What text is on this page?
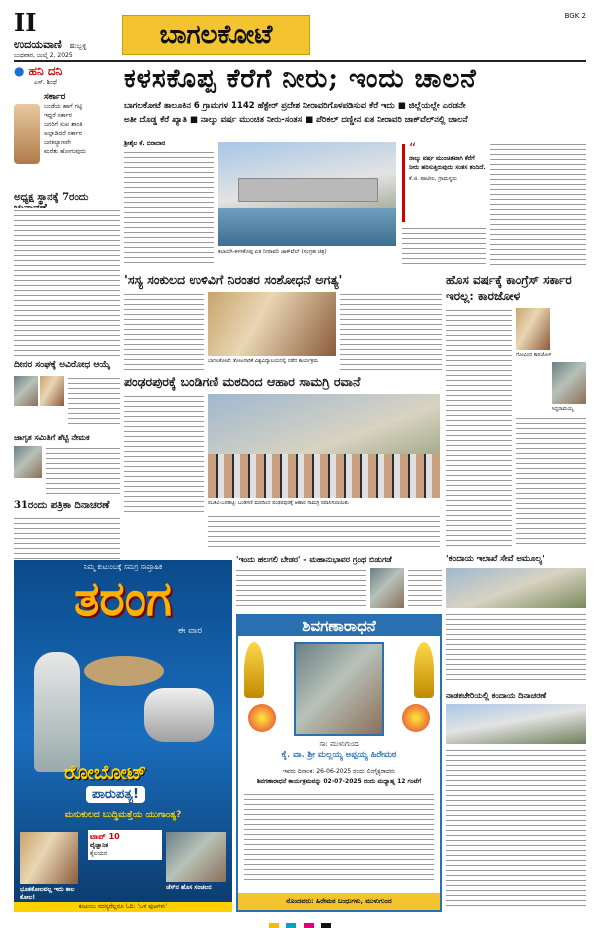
II
ಉದಯವಾಣಿ ಹುಬ್ಬಳ್ಳಿ
ಬುಧವಾರ, ಜುಲೈ 2, 2025
ಬಾಗಲಕೋಟೆ
BGK 2
● ಹನಿ ದನಿ
ಎಸ್. ಶಿಂಧೆ
ಸರ್ಕಾರ
ಬಂಡೆಯ ಹಾಗೆ ಗಟ್ಟಿ
ಇದ್ದರೆ ಸರ್ಕಾರ
ಜನರಿಗೆ ಸುಖ ಶಾಂತಿ
ಅಲ್ಲಾಡಿದರೆ ಸರ್ಕಾರ
ಜನಕಲ್ಯಾಣವೇ
ಮರೆತು ಹೋಗುವುದು
ಅಧ್ಯಕ್ಷ ಸ್ಥಾನಕ್ಕೆ 7ರಂದು
ದೀನರ ಸಂಘಕ್ಕೆ ಅವಿರೋಧ ಆಯ್ಕೆ
ಜಾಗೃತ ಸಮಿತಿಗೆ ಶೆಟ್ಟಿ ನೇಮಕ
31ರಂದು ಪತ್ರಿಕಾ ದಿನಾಚರಣೆ
ಕಳಸಕೊಪ್ಪ ಕೆರೆಗೆ ನೀರು; ಇಂದು ಚಾಲನೆ
ಬಾಗಲಕೋಟೆ ತಾಲೂಕಿನ 6 ಗ್ರಾಮಗಳ 1142 ಹೆಕ್ಟೇರ್ ಪ್ರದೇಶ ನೀರಾವರಿಗೊಳಪಡಿಸುವ ಕೆರೆ ಇದು ■ ಜಿಲ್ಲೆಯಲ್ಲೇ ಎರಡನೇ
ಅತೀ ದೊಡ್ಡ ಕೆರೆ ಖ್ಯಾತಿ ■ ನಾಲ್ಕು ವರ್ಷ ಮುಂಚಿತ ನೀರು-ಸಂತಸ ■ ಪೆರಿಕಲ್ ದಣ್ಣೀನ ಏತ ನೀರಾವರಿ ಜಾಕ್‌ವೆಲ್‌ನಲ್ಲಿ ಚಾಲನೆ
ಶ್ರೀಶೈಲ ಕೆ. ಬಿರಾದಾರ
ಕಲಾದಗಿ-ಕಳಸಕೊಪ್ಪ ಏತ ನೀರಾವರಿ ಜಾಕ್‌ವೆಲ್ (ಸಂಗ್ರಹ ಚಿತ್ರ)
“
ನಾಲ್ಕು ವರ್ಷ ಮುಂಚಿತವಾಗಿ ಕೆರೆಗೆ ನೀರು ಹರಿಸುತ್ತಿರುವುದು ಸಂತಸ ತಂದಿದೆ.
ಕೆ.ಜಿ. ಪಾಟೀಲ, ಗ್ರಾಮಸ್ಥರು
'ಸಸ್ಯ ಸಂಕುಲದ ಉಳಿವಿಗೆ ನಿರಂತರ ಸಂಶೋಧನೆ ಅಗತ್ಯ'
ಬಾಗಲಕೋಟೆ: ತೋಟಗಾರಿಕೆ ವಿಶ್ವವಿದ್ಯಾಲಯದಲ್ಲಿ ನಡೆದ ಕಾರ್ಯಕ್ರಮ
ಪಂಢರಪುರಕ್ಕೆ ಬಂಡಿಗಣಿ ಮಠದಿಂದ ಆಹಾರ ಸಾಮಗ್ರಿ ರವಾನೆ
ರಬಕವಿ-ಬನಹಟ್ಟಿ: ಬಂಡಿಗಣಿ ಮಠದಿಂದ ಪಂಢರಪುರಕ್ಕೆ ಆಹಾರ ಸಾಮಗ್ರಿ ರವಾನಿಸಲಾಯಿತು
ಹೊಸ ವರ್ಷಕ್ಕೆ ಕಾಂಗ್ರೆಸ್ ಸರ್ಕಾರ ಇರಲ್ಲ: ಕಾರಜೋಳ
ಗೋವಿಂದ ಕಾರಜೋಳ
ಸಿದ್ದರಾಮಯ್ಯ
'ಇಂದು ಹಲಗಲಿ ಬೇಡರ' - ಮಹಾನುಭಾವರ ಗ್ರಂಥ ಬಿಡುಗಡೆ	'ಕಂದಾಯ ಇಲಾಖೆ ಸೇವೆ ಅಮೂಲ್ಯ'
ನಾಡಕಚೇರಿಯಲ್ಲಿ ಕಂದಾಯ ದಿನಾಚರಣೆ
ನಿಮ್ಮ ಕುಟುಂಬಕ್ಕೆ ಸಮಗ್ರ ಸಾಪ್ತಾಹಿಕ
ತರಂಗ
ಈ ವಾರ
ರೋಬೋಟ್
ಪಾರುಪತ್ಯ!
ಮನುಕುಲದ ಬುದ್ಧಿಮತ್ತೆಯ ಯುಗಾಂತ್ಯ?
ಭೂತಕೋಲವಲ್ಲ ಇದು ಕಾಲ ಕೋಲ!
ಟಾಪ್ 10
ವೈಜ್ಞಾನಿಕ
ಕೈಲಯನ
ಚೆಸ್‌ನ ಹೊಸ ಸಂಚಲನ
ಕುಟುಂಬ ಸದಸ್ಯರೆಲ್ಲರೂ ಓದಿ: 'ಒಳ ಪುಟಗಳು'
ಶಿವಗಣಾರಾಧನೆ
ಸಾ: ಮುಳುಗುಂದ
ಕೈ. ವಾ. ಶ್ರೀ ಮಲ್ಲಯ್ಯ ಅಪ್ಪಯ್ಯ ಹಿರೇಮಠ
ಇವರು ದಿನಾಂಕ: 26-06-2025 ರಂದು ಲಿಂಗೈಕ್ಯರಾದರು
ಶಿವಗಣಾರಾಧನೆ ಕಾರ್ಯಕ್ರಮವನ್ನು 02-07-2025 ರಂದು ಮಧ್ಯಾಹ್ನ 12 ಗಂಟೆಗೆ
ನೊಂದವರು: ಹಿರೇಮಠ ಬಂಧುಗಳು, ಮುಳುಗುಂದ
